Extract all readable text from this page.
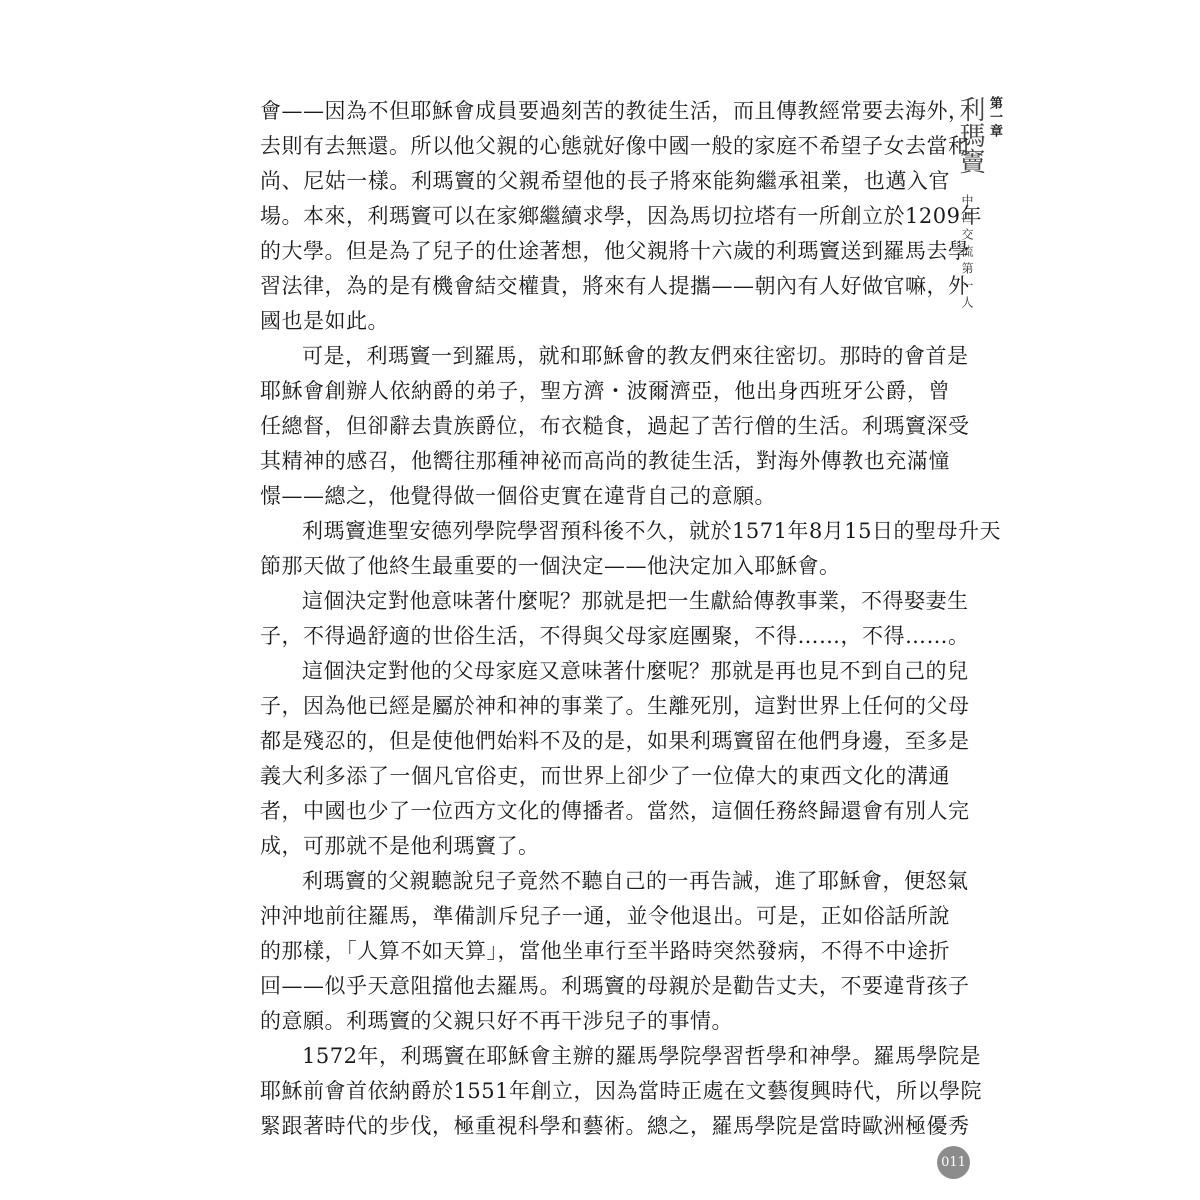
會——因為不但耶穌會成員要過刻苦的教徒生活，而且傳教經常要去海外，
去則有去無還。所以他父親的心態就好像中國一般的家庭不希望子女去當和
尚、尼姑一樣。利瑪竇的父親希望他的長子將來能夠繼承祖業，也邁入官
場。本來，利瑪竇可以在家鄉繼續求學，因為馬切拉塔有一所創立於1209年
的大學。但是為了兒子的仕途著想，他父親將十六歲的利瑪竇送到羅馬去學
習法律，為的是有機會結交權貴，將來有人提攜——朝內有人好做官嘛，外
國也是如此。
可是，利瑪竇一到羅馬，就和耶穌會的教友們來往密切。那時的會首是
耶穌會創辦人依納爵的弟子，聖方濟・波爾濟亞，他出身西班牙公爵，曾
任總督，但卻辭去貴族爵位，布衣糙食，過起了苦行僧的生活。利瑪竇深受
其精神的感召，他嚮往那種神祕而高尚的教徒生活，對海外傳教也充滿憧
憬——總之，他覺得做一個俗吏實在違背自己的意願。
利瑪竇進聖安德列學院學習預科後不久，就於1571年8月15日的聖母升天
節那天做了他終生最重要的一個決定——他決定加入耶穌會。
這個決定對他意味著什麼呢？那就是把一生獻給傳教事業，不得娶妻生
子，不得過舒適的世俗生活，不得與父母家庭團聚，不得……，不得……。
這個決定對他的父母家庭又意味著什麼呢？那就是再也見不到自己的兒
子，因為他已經是屬於神和神的事業了。生離死別，這對世界上任何的父母
都是殘忍的，但是使他們始料不及的是，如果利瑪竇留在他們身邊，至多是
義大利多添了一個凡官俗吏，而世界上卻少了一位偉大的東西文化的溝通
者，中國也少了一位西方文化的傳播者。當然，這個任務終歸還會有別人完
成，可那就不是他利瑪竇了。
利瑪竇的父親聽說兒子竟然不聽自己的一再告誡，進了耶穌會，便怒氣
沖沖地前往羅馬，準備訓斥兒子一通，並令他退出。可是，正如俗話所說
的那樣，「人算不如天算」，當他坐車行至半路時突然發病，不得不中途折
回——似乎天意阻擋他去羅馬。利瑪竇的母親於是勸告丈夫，不要違背孩子
的意願。利瑪竇的父親只好不再干涉兒子的事情。
1572年，利瑪竇在耶穌會主辦的羅馬學院學習哲學和神學。羅馬學院是
耶穌前會首依納爵於1551年創立，因為當時正處在文藝復興時代，所以學院
緊跟著時代的步伐，極重視科學和藝術。總之，羅馬學院是當時歐洲極優秀
第一章
利瑪竇
中西交流第一人
011
